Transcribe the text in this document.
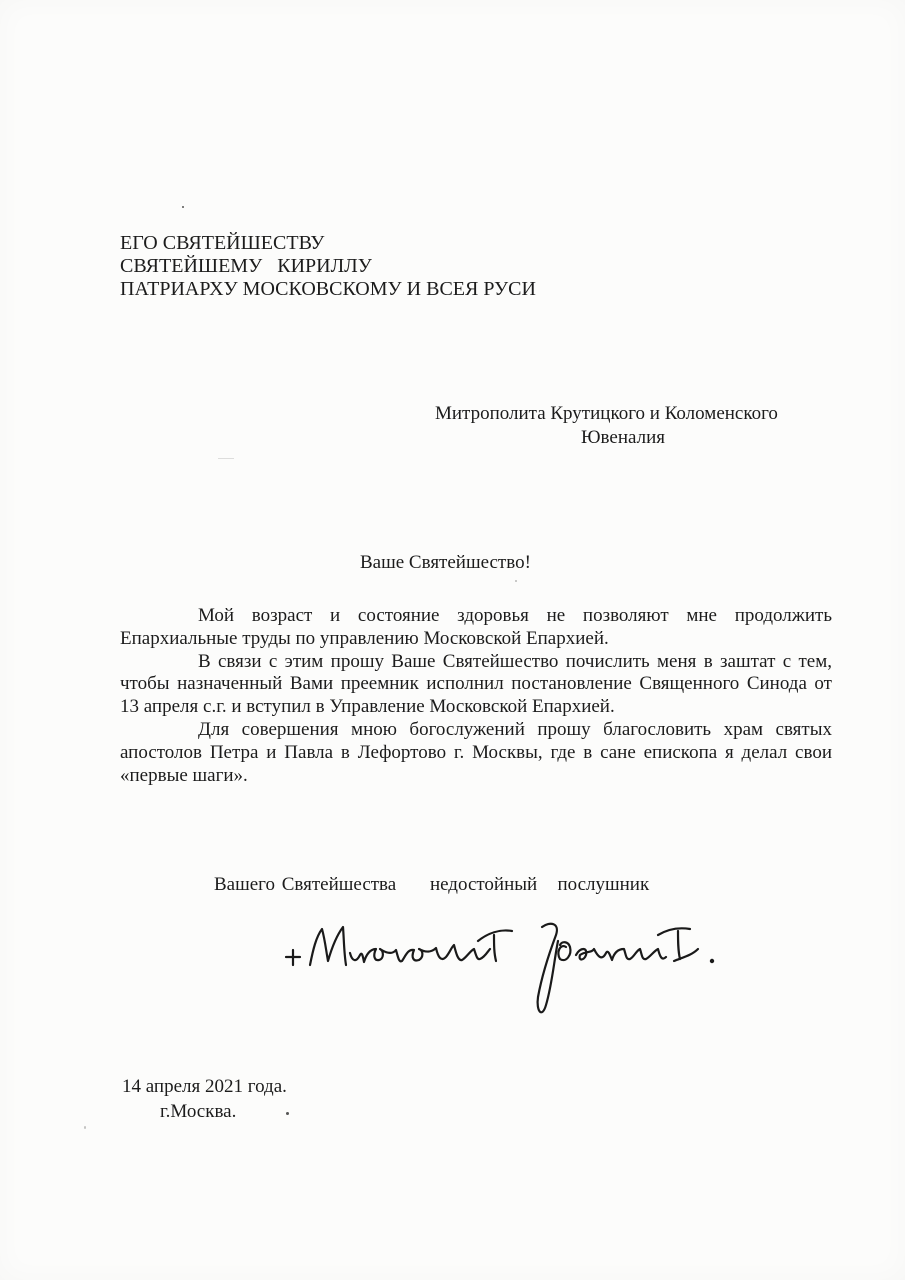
ЕГО СВЯТЕЙШЕСТВУ
СВЯТЕЙШЕМУ   КИРИЛЛУ
ПАТРИАРХУ МОСКОВСКОМУ И ВСЕЯ РУСИ
Митрополита Крутицкого и Коломенского
Ювеналия
Ваше Святейшество!

Мой возраст и состояние здоровья не позволяют мне продолжить Епархиальные труды по управлению Московской Епархией.

В связи с этим прошу Ваше Святейшество почислить меня в заштат с тем, чтобы назначенный Вами преемник исполнил постановление Священного Синода от 13 апреля с.г. и вступил в Управление Московской Епархией.

Для совершения мною богослужений прошу благословить храм святых апостолов Петра и Павла в Лефортово г. Москвы, где в сане епископа я делал свои «первые шаги».

Вашего Святейшества     недостойный   послушник
14 апреля 2021 года.
г.Москва.
